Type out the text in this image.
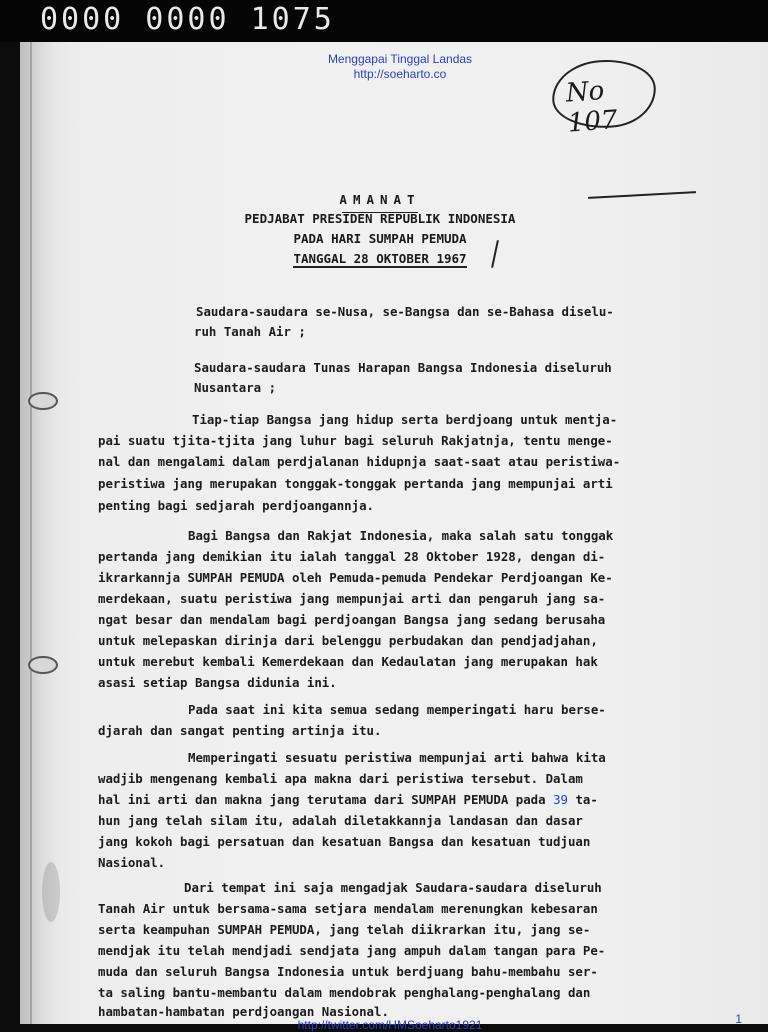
0000 0000 1075
Menggapai Tinggal Landas
http://soeharto.co
No 107
AMANAT
PEDJABAT PRESIDEN REPUBLIK INDONESIA
PADA HARI SUMPAH PEMUDA
TANGGAL 28 OKTOBER 1967
Saudara-saudara se-Nusa, se-Bangsa dan se-Bahasa diselu-
ruh Tanah Air ;
Saudara-saudara Tunas Harapan Bangsa Indonesia diseluruh
Nusantara ;
Tiap-tiap Bangsa jang hidup serta berdjoang untuk mentja-
pai suatu tjita-tjita jang luhur bagi seluruh Rakjatnja, tentu menge-
nal dan mengalami dalam perdjalanan hidupnja saat-saat atau peristiwa-
peristiwa jang merupakan tonggak-tonggak pertanda jang mempunjai arti
penting bagi sedjarah perdjoangannja.
Bagi Bangsa dan Rakjat Indonesia, maka salah satu tonggak
pertanda jang demikian itu ialah tanggal 28 Oktober 1928, dengan di-
ikrarkannja SUMPAH PEMUDA oleh Pemuda-pemuda Pendekar Perdjoangan Ke-
merdekaan, suatu peristiwa jang mempunjai arti dan pengaruh jang sa-
ngat besar dan mendalam bagi perdjoangan Bangsa jang sedang berusaha
untuk melepaskan dirinja dari belenggu perbudakan dan pendjadjahan,
untuk merebut kembali Kemerdekaan dan Kedaulatan jang merupakan hak
asasi setiap Bangsa didunia ini.
Pada saat ini kita semua sedang memperingati haru berse-
djarah dan sangat penting artinja itu.
Memperingati sesuatu peristiwa mempunjai arti bahwa kita
wadjib mengenang kembali apa makna dari peristiwa tersebut. Dalam
hal ini arti dan makna jang terutama dari SUMPAH PEMUDA pada 39 ta-
hun jang telah silam itu, adalah diletakkannja landasan dan dasar
jang kokoh bagi persatuan dan kesatuan Bangsa dan kesatuan tudjuan
Nasional.
Dari tempat ini saja mengadjak Saudara-saudara diseluruh
Tanah Air untuk bersama-sama setjara mendalam merenungkan kebesaran
serta keampuhan SUMPAH PEMUDA, jang telah diikrarkan itu, jang se-
mendjak itu telah mendjadi sendjata jang ampuh dalam tangan para Pe-
muda dan seluruh Bangsa Indonesia untuk berdjuang bahu-membahu ser-
ta saling bantu-membantu dalam mendobrak penghalang-penghalang dan
hambatan-hambatan perdjoangan Nasional.
http://twitter.com/HMSoeharto1921	1
